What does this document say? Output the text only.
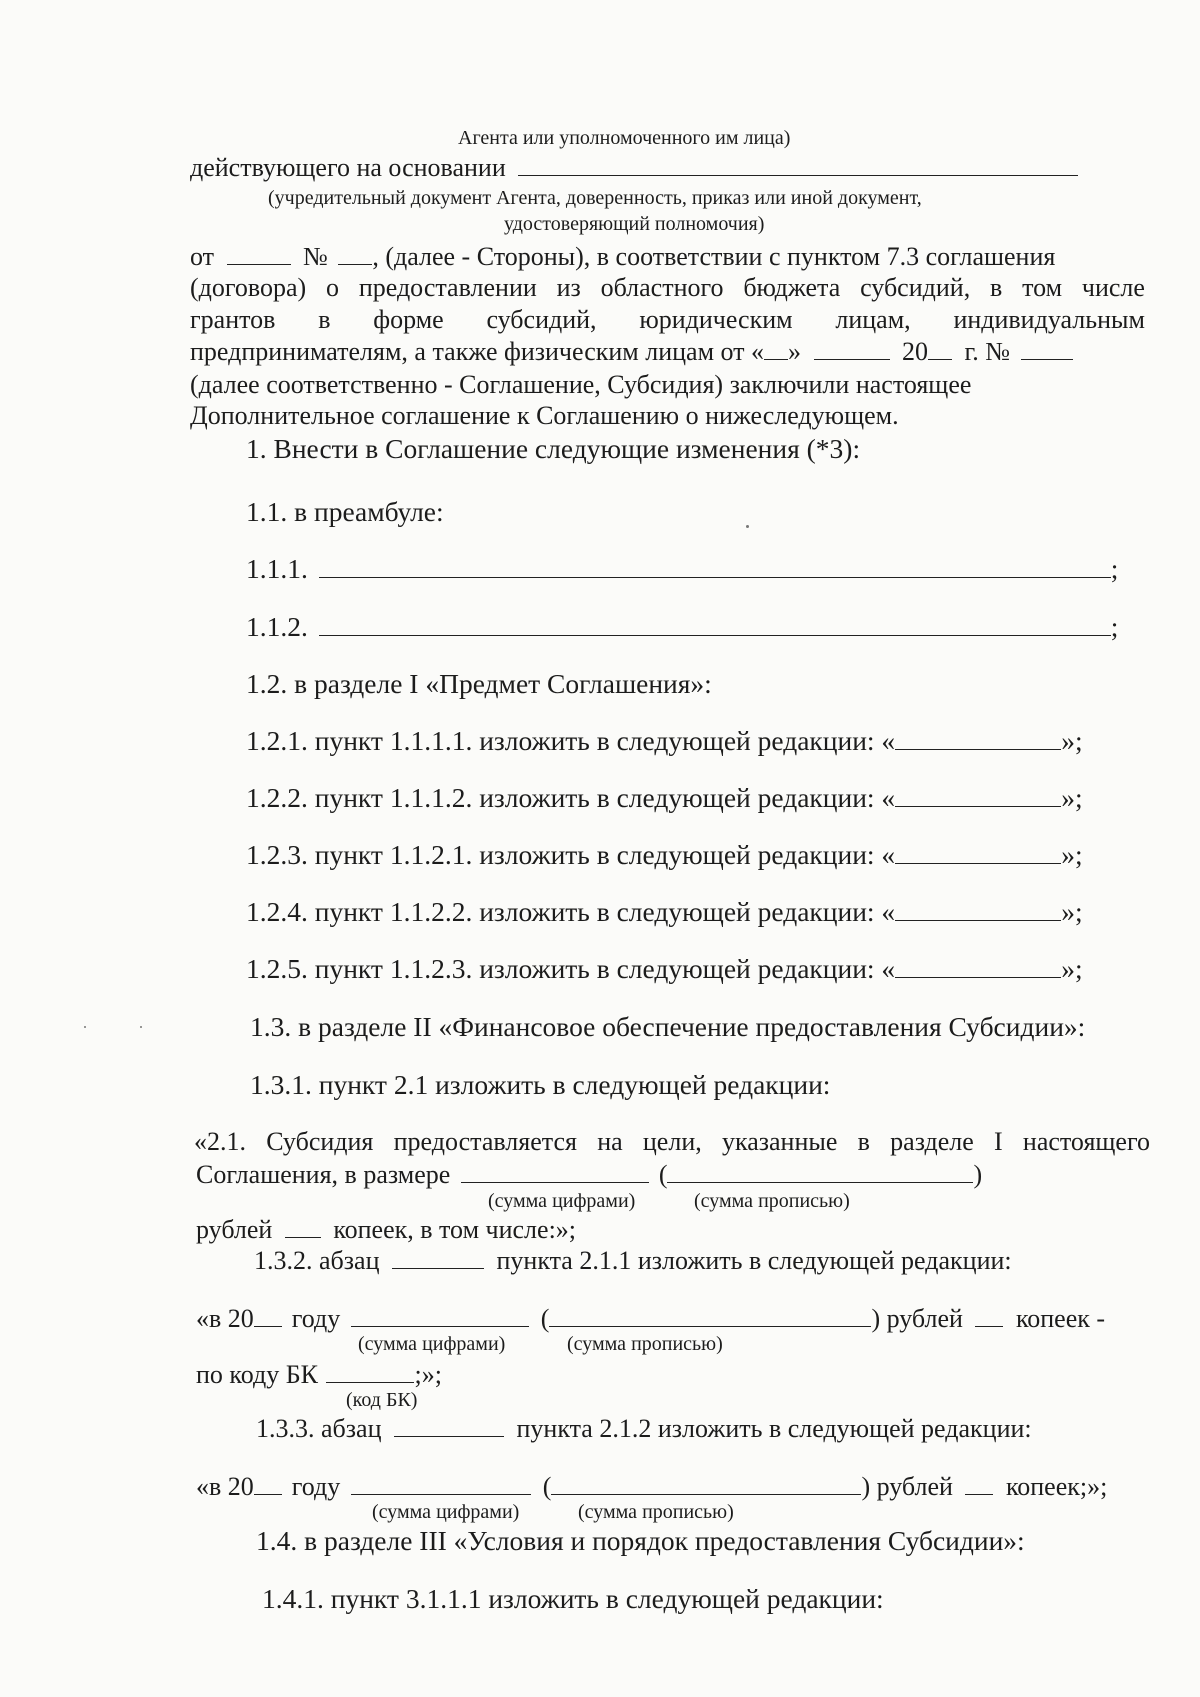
Агента или уполномоченного им лица)
действующего на основании
(учредительный документ Агента, доверенность, приказ или иной документ,
удостоверяющий полномочия)
от	№ , (далее - Стороны), в соответствии с пунктом 7.3 соглашения
(договора) о предоставлении из областного бюджета субсидий, в том числе
грантов в форме субсидий, юридическим лицам, индивидуальным
предпринимателям, а также физическим лицам от « »	20 г. №
(далее соответственно - Соглашение, Субсидия) заключили настоящее
Дополнительное соглашение к Соглашению о нижеследующем.
1. Внести в Соглашение следующие изменения (*3):
1.1. в преамбуле:
1.1.1.	;
1.1.2.	;
1.2. в разделе I «Предмет Соглашения»:
1.2.1. пункт 1.1.1.1. изложить в следующей редакции: «	»;
1.2.2. пункт 1.1.1.2. изложить в следующей редакции: «	»;
1.2.3. пункт 1.1.2.1. изложить в следующей редакции: «	»;
1.2.4. пункт 1.1.2.2. изложить в следующей редакции: «	»;
1.2.5. пункт 1.1.2.3. изложить в следующей редакции: «	»;
1.3. в разделе II «Финансовое обеспечение предоставления Субсидии»:
1.3.1. пункт 2.1 изложить в следующей редакции:
«2.1. Субсидия предоставляется на цели, указанные в разделе I настоящего
Соглашения, в размере	(	)
(сумма цифрами)	(сумма прописью)
рублей копеек, в том числе:»;
1.3.2. абзац	пункта 2.1.1 изложить в следующей редакции:
«в 20 году	(	) рублей копеек -
(сумма цифрами)	(сумма прописью)
по коду БК	;»;
(код БК)
1.3.3. абзац	пункта 2.1.2 изложить в следующей редакции:
«в 20 году	(	) рублей копеек;»;
(сумма цифрами)	(сумма прописью)
1.4. в разделе III «Условия и порядок предоставления Субсидии»:
1.4.1. пункт 3.1.1.1 изложить в следующей редакции:
